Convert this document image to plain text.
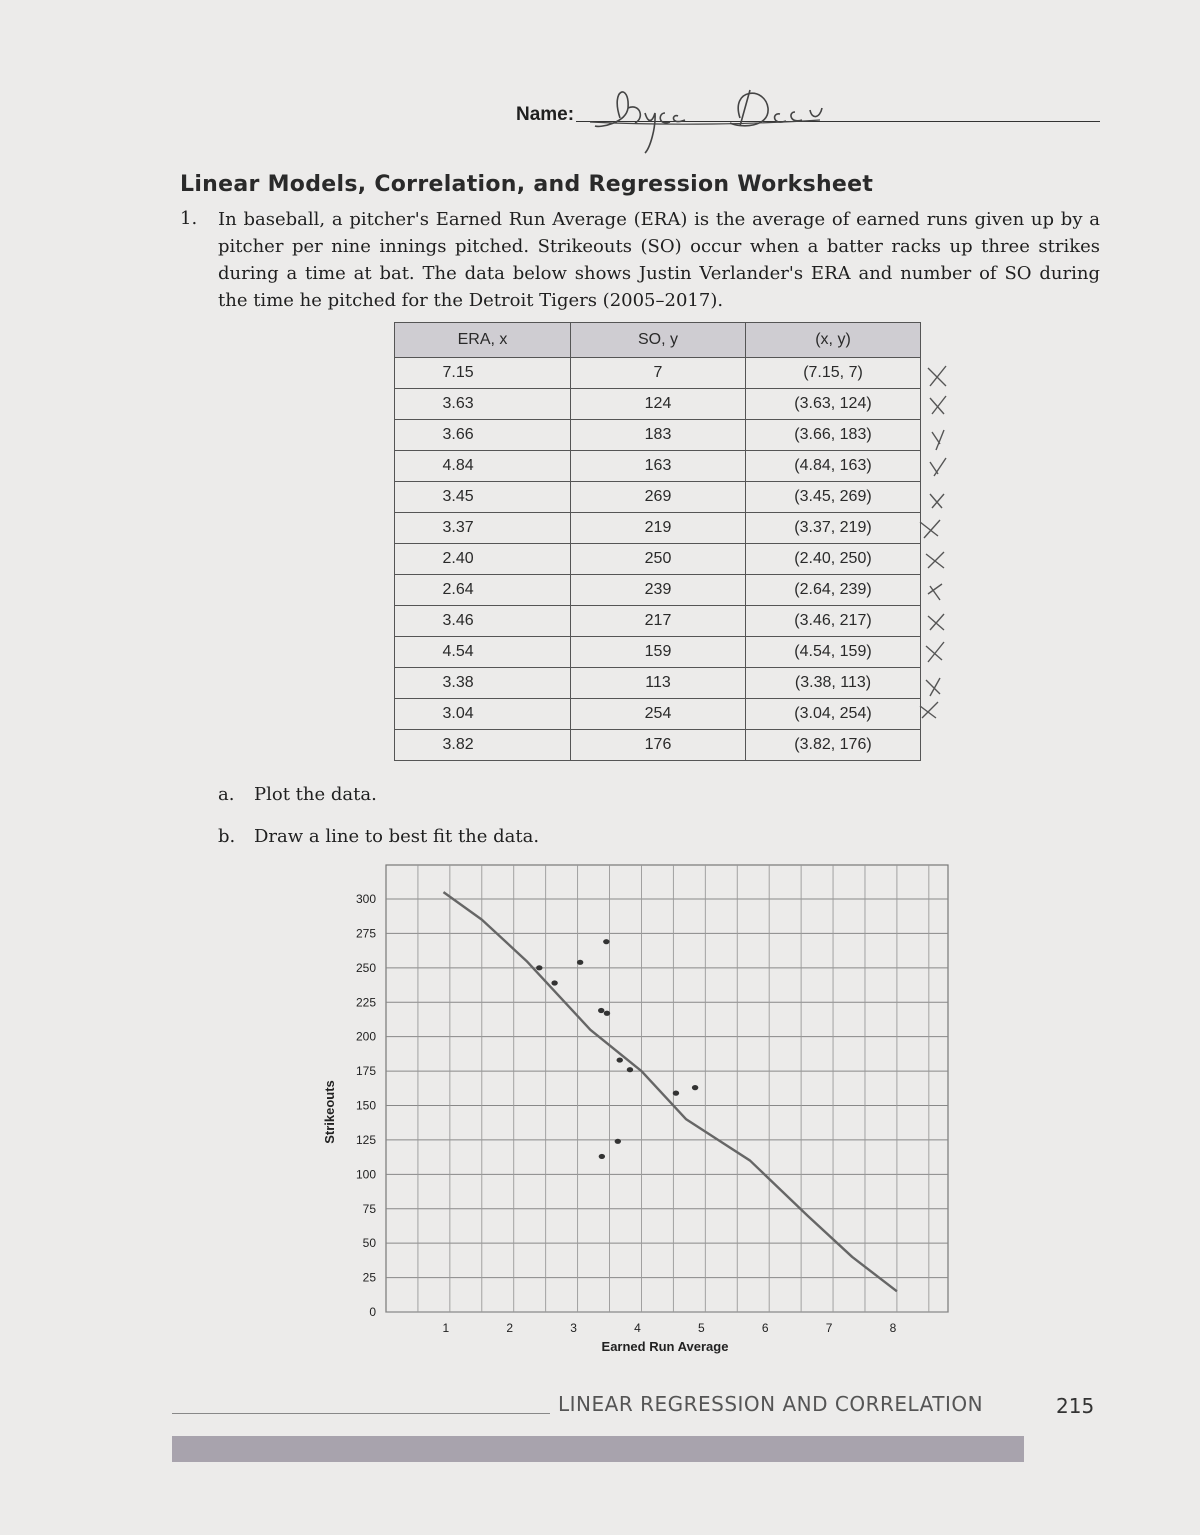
Name:
Linear Models, Correlation, and Regression Worksheet
1. In baseball, a pitcher's Earned Run Average (ERA) is the average of earned runs given up by a pitcher per nine innings pitched. Strikeouts (SO) occur when a batter racks up three strikes during a time at bat. The data below shows Justin Verlander's ERA and number of SO during the time he pitched for the Detroit Tigers (2005–2017).
ERA, x	SO, y	(x, y)
7.15	7	(7.15, 7)
3.63	124	(3.63, 124)
3.66	183	(3.66, 183)
4.84	163	(4.84, 163)
3.45	269	(3.45, 269)
3.37	219	(3.37, 219)
2.40	250	(2.40, 250)
2.64	239	(2.64, 239)
3.46	217	(3.46, 217)
4.54	159	(4.54, 159)
3.38	113	(3.38, 113)
3.04	254	(3.04, 254)
3.82	176	(3.82, 176)
a. Plot the data.
b. Draw a line to best fit the data.
0
25
50
75
100
125
150
175
200
225
250
275
300
1	2	3	4	5	6	7	8
Strikeouts
Earned Run Average
LINEAR REGRESSION AND CORRELATION	215
